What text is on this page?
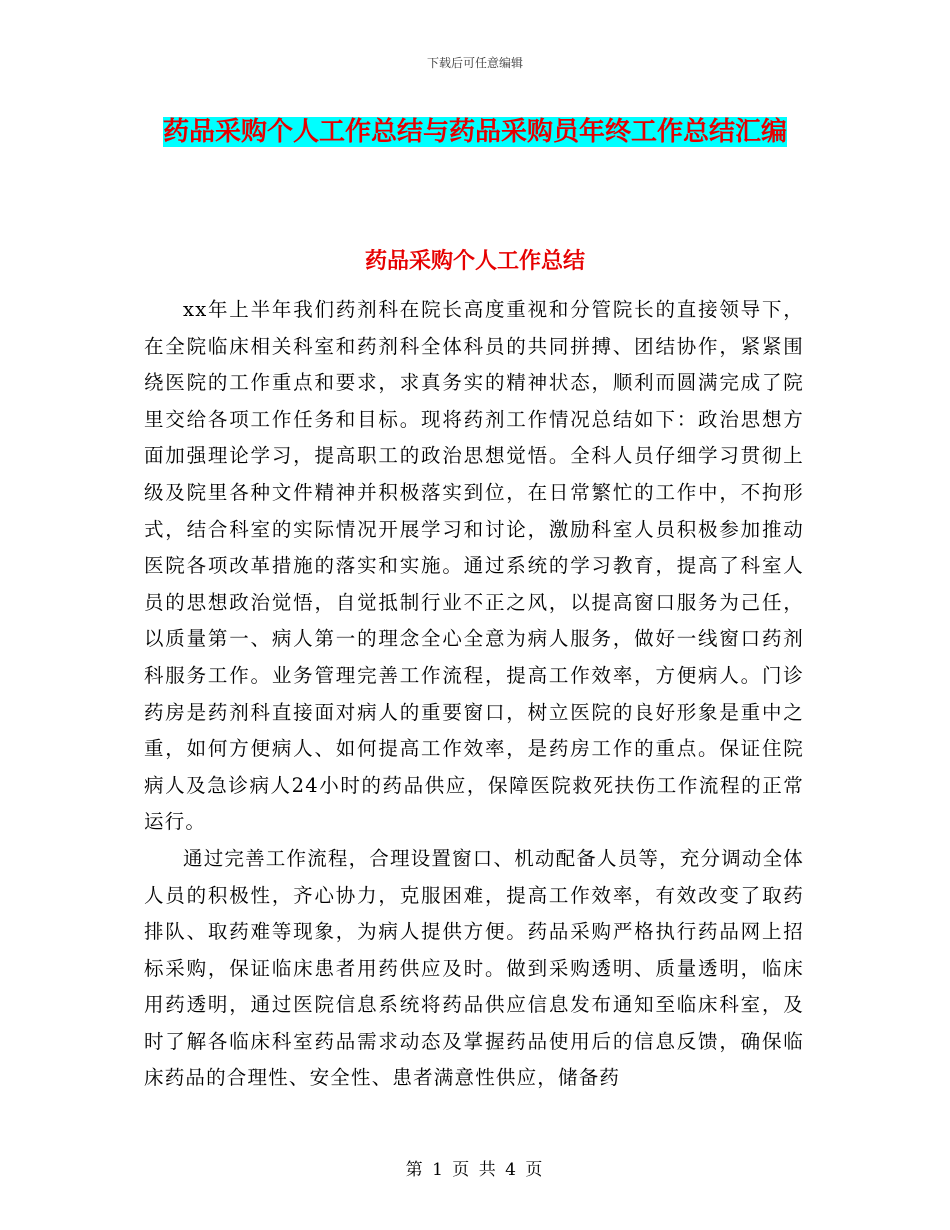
下载后可任意编辑
药品采购个人工作总结与药品采购员年终工作总结汇编
药品采购个人工作总结

xx年上半年我们药剂科在院长高度重视和分管院长的直接领导下，在全院临床相关科室和药剂科全体科员的共同拼搏、团结协作，紧紧围绕医院的工作重点和要求，求真务实的精神状态，顺利而圆满完成了院里交给各项工作任务和目标。现将药剂工作情况总结如下：政治思想方面加强理论学习，提高职工的政治思想觉悟。全科人员仔细学习贯彻上级及院里各种文件精神并积极落实到位，在日常繁忙的工作中，不拘形式，结合科室的实际情况开展学习和讨论，激励科室人员积极参加推动医院各项改革措施的落实和实施。通过系统的学习教育，提高了科室人员的思想政治觉悟，自觉抵制行业不正之风，以提高窗口服务为己任，以质量第一、病人第一的理念全心全意为病人服务，做好一线窗口药剂科服务工作。业务管理完善工作流程，提高工作效率，方便病人。门诊药房是药剂科直接面对病人的重要窗口，树立医院的良好形象是重中之重，如何方便病人、如何提高工作效率，是药房工作的重点。保证住院病人及急诊病人24小时的药品供应，保障医院救死扶伤工作流程的正常运行。

通过完善工作流程，合理设置窗口、机动配备人员等，充分调动全体人员的积极性，齐心协力，克服困难，提高工作效率，有效改变了取药排队、取药难等现象，为病人提供方便。药品采购严格执行药品网上招标采购，保证临床患者用药供应及时。做到采购透明、质量透明，临床用药透明，通过医院信息系统将药品供应信息发布通知至临床科室，及时了解各临床科室药品需求动态及掌握药品使用后的信息反馈，确保临床药品的合理性、安全性、患者满意性供应，储备药

第 1 页 共 4 页
